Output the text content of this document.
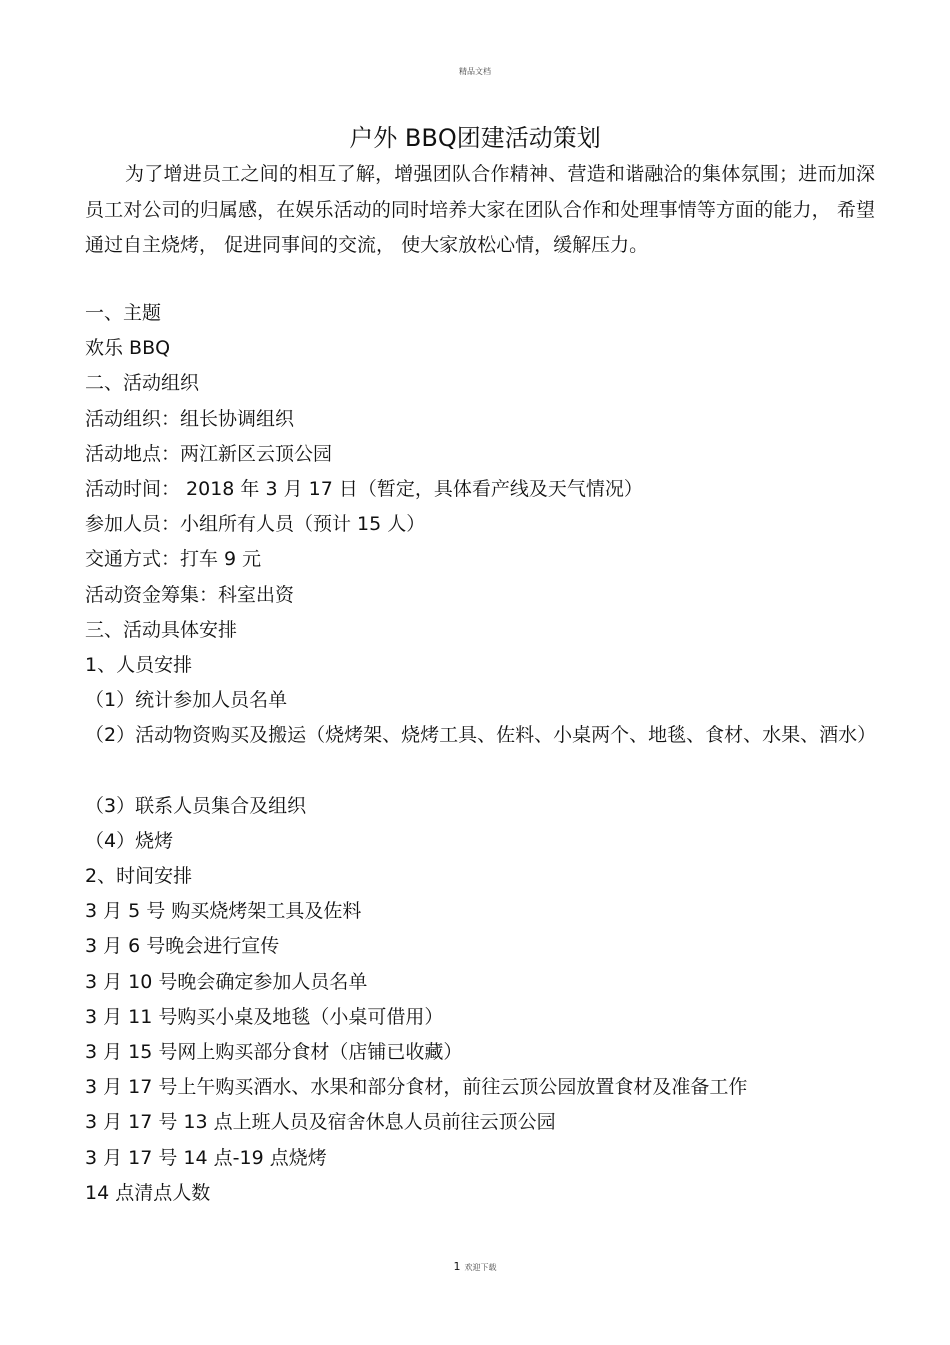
精品文档
户外 BBQ团建活动策划

为了增进员工之间的相互了解，增强团队合作精神、营造和谐融洽的集体氛围；进而加深员工对公司的归属感，在娱乐活动的同时培养大家在团队合作和处理事情等方面的能力， 希望通过自主烧烤， 促进同事间的交流， 使大家放松心情，缓解压力。

一、主题
欢乐 BBQ
二、活动组织
活动组织：组长协调组织
活动地点：两江新区云顶公园
活动时间： 2018 年 3 月 17 日（暂定，具体看产线及天气情况）
参加人员：小组所有人员（预计 15 人）
交通方式：打车 9 元
活动资金筹集：科室出资
三、活动具体安排
1、人员安排
（1）统计参加人员名单
（2）活动物资购买及搬运（烧烤架、烧烤工具、佐料、小桌两个、地毯、食材、水果、酒水）
（3）联系人员集合及组织
（4）烧烤
2、时间安排
3 月 5 号 购买烧烤架工具及佐料
3 月 6 号晚会进行宣传
3 月 10 号晚会确定参加人员名单
3 月 11 号购买小桌及地毯（小桌可借用）
3 月 15 号网上购买部分食材（店铺已收藏）
3 月 17 号上午购买酒水、水果和部分食材，前往云顶公园放置食材及准备工作
3 月 17 号 13 点上班人员及宿舍休息人员前往云顶公园
3 月 17 号 14 点-19 点烧烤
14 点清点人数
1 欢迎下载
